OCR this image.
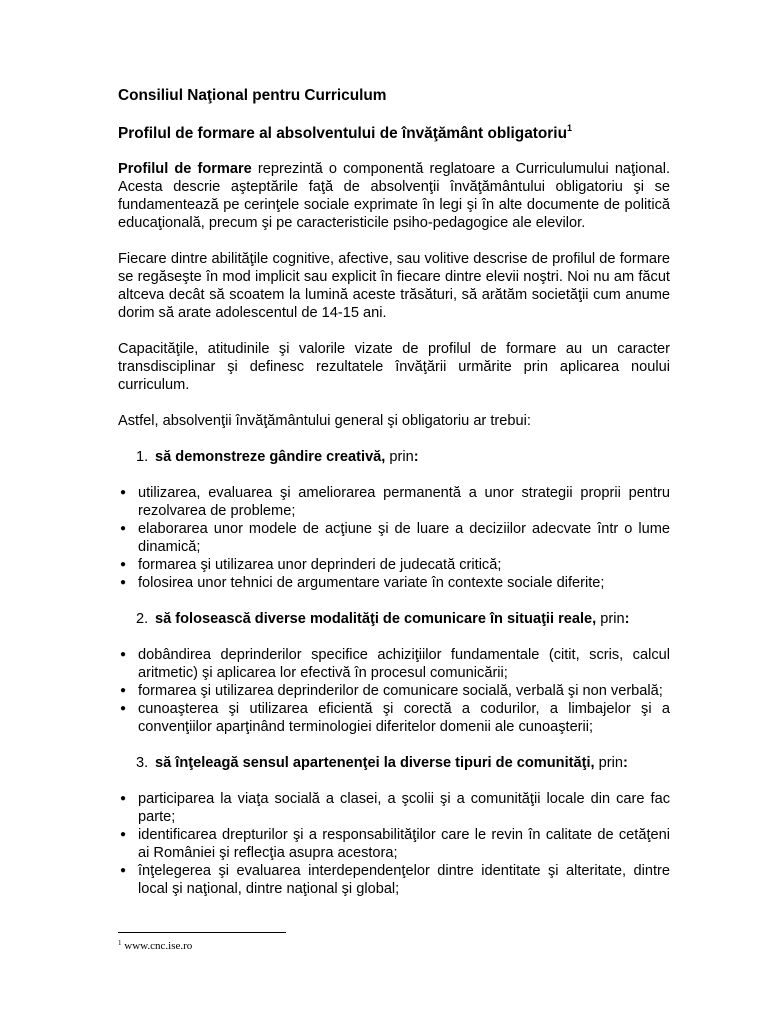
Consiliul Naţional pentru Curriculum
Profilul de formare al absolventului de învăţământ obligatoriu$^1$

Profilul de formare reprezintă o componentă reglatoare a Curriculumului naţional. Acesta descrie aşteptările faţă de absolvenţii învăţământului obligatoriu şi se fundamentează pe cerinţele sociale exprimate în legi şi în alte documente de politică educaţională, precum şi pe caracteristicile psiho-pedagogice ale elevilor.

Fiecare dintre abilităţile cognitive, afective, sau volitive descrise de profilul de formare se regăseşte în mod implicit sau explicit în fiecare dintre elevii noştri. Noi nu am făcut altceva decât să scoatem la lumină aceste trăsături, să arătăm societăţii cum anume dorim să arate adolescentul de 14-15 ani.

Capacităţile, atitudinile şi valorile vizate de profilul de formare au un caracter transdisciplinar şi definesc rezultatele învăţării urmărite prin aplicarea noului curriculum.

Astfel, absolvenţii învăţământului general şi obligatoriu ar trebui:

1. să demonstreze gândire creativă, prin:
● utilizarea, evaluarea şi ameliorarea permanentă a unor strategii proprii pentru rezolvarea de probleme;
● elaborarea unor modele de acţiune şi de luare a deciziilor adecvate într o lume dinamică;
● formarea şi utilizarea unor deprinderi de judecată critică;
● folosirea unor tehnici de argumentare variate în contexte sociale diferite;
2. să folosească diverse modalităţi de comunicare în situaţii reale, prin:
● dobândirea deprinderilor specifice achiziţiilor fundamentale (citit, scris, calcul aritmetic) şi aplicarea lor efectivă în procesul comunicării;
● formarea şi utilizarea deprinderilor de comunicare socială, verbală şi non verbală;
● cunoaşterea şi utilizarea eficientă şi corectă a codurilor, a limbajelor şi a convenţiilor aparţinând terminologiei diferitelor domenii ale cunoaşterii;
3. să înţeleagă sensul apartenenţei la diverse tipuri de comunităţi, prin:
● participarea la viaţa socială a clasei, a şcolii şi a comunităţii locale din care fac parte;
● identificarea drepturilor şi a responsabilităţilor care le revin în calitate de cetăţeni ai României şi reflecţia asupra acestora;
● înţelegerea şi evaluarea interdependenţelor dintre identitate şi alteritate, dintre local şi naţional, dintre naţional şi global;
$^1$ www.cnc.ise.ro
